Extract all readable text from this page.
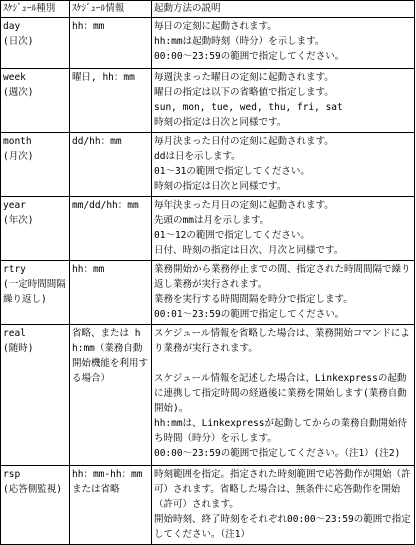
ｽｹｼﾞｭｰﾙ種別	ｽｹｼﾞｭｰﾙ情報	起動方法の説明
day
(日次)	hh：mm	毎日の定刻に起動されます。
hh:mmは起動時刻（時分）を示します。
00:00～23:59の範囲で指定してください。
week
(週次)	曜日, hh：mm	毎週決まった曜日の定刻に起動されます。
曜日の指定は以下の省略値で指定します。
sun, mon, tue, wed, thu, fri, sat
時刻の指定は日次と同様です。
month
(月次)	dd/hh：mm	毎月決まった日付の定刻に起動されます。
ddは日を示します。
01～31の範囲で指定してください。
時刻の指定は日次と同様です。
year
(年次)	mm/dd/hh：mm	毎年決まった月日の定刻に起動されます。
先頭のmmは月を示します。
01～12の範囲で指定してください。
日付、時刻の指定は日次、月次と同様です。
rtry
(一定時間間隔繰り返し)	hh：mm	業務開始から業務停止までの間、指定された時間間隔で繰り返し業務が実行されます。
業務を実行する時間間隔を時分で指定します。
00:01～23:59の範囲で指定してください。
real
(随時)	省略、または hh:mm（業務自動開始機能を利用する場合）	スケジュール情報を省略した場合は、業務開始コマンドにより業務が実行されます。

スケジュール情報を記述した場合は、Linkexpressの起動に連携して指定時間の経過後に業務を開始します(業務自動開始)。
hh:mmは、Linkexpressが起動してからの業務自動開始待ち時間（時分）を示します。
00:00～23:59の範囲で指定してください。（注1）(注2)
rsp
(応答側監視)	hh：mm-hh：mm または省略	時刻範囲を指定。指定された時刻範囲で応答動作が開始（許可）されます。省略した場合は、無条件に応答動作を開始（許可）されます。
開始時刻、終了時刻をそれぞれ00:00～23:59の範囲で指定してください。（注1）
